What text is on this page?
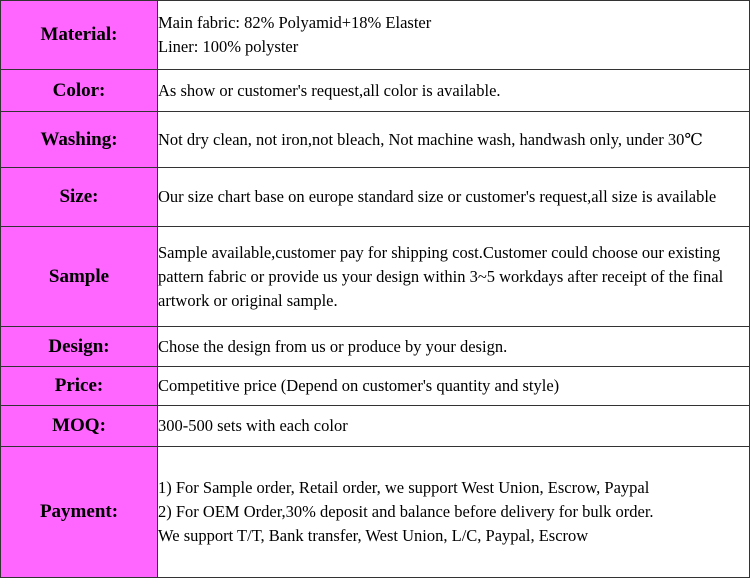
Material:	Main fabric: 82% Polyamid+18% Elaster
Liner: 100% polyster

Color:	As show or customer's request,all color is available.

Washing:	Not dry clean, not iron,not bleach, Not machine wash, handwash only, under 30℃

Size:	Our size chart base on europe standard size or customer's request,all size is available

Sample	Sample available,customer pay for shipping cost.Customer could choose our existing pattern fabric or provide us your design within 3~5 workdays after receipt of the final artwork or original sample.

Design:	Chose the design from us or produce by your design.

Price:	Competitive price (Depend on customer's quantity and style)

MOQ:	300-500 sets with each color

Payment:	1) For Sample order, Retail order, we support West Union, Escrow, Paypal
2) For OEM Order,30% deposit and balance before delivery for bulk order.
We support T/T, Bank transfer, West Union, L/C, Paypal, Escrow
